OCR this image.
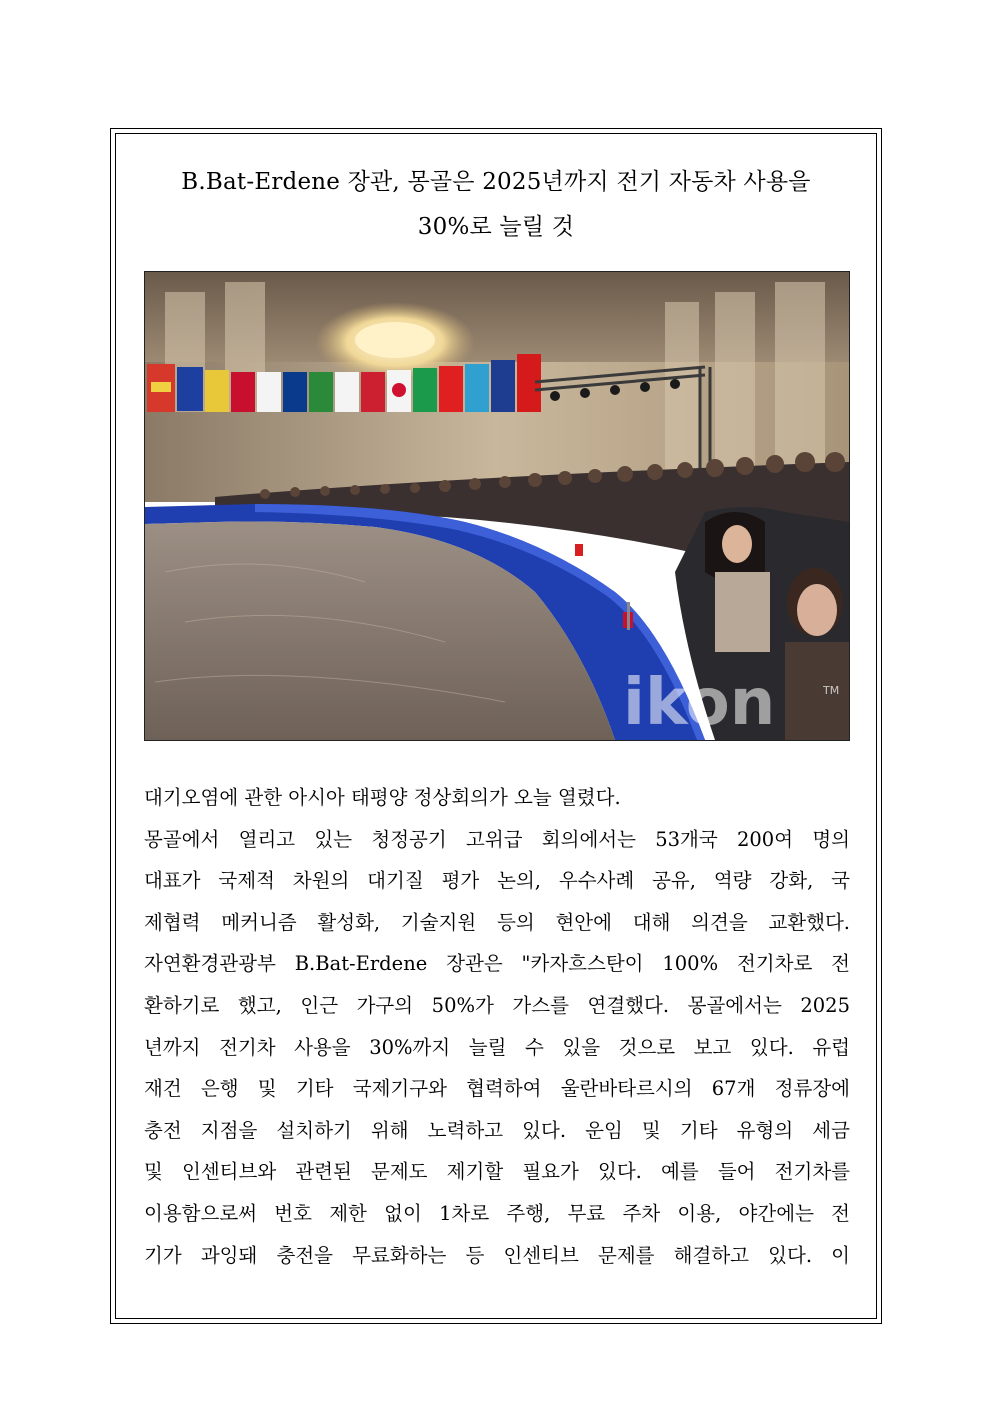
B.Bat-Erdene 장관, 몽골은 2025년까지 전기 자동차 사용을
30%로 늘릴 것
ikon	TM

대기오염에 관한 아시아 태평양 정상회의가 오늘 열렸다.

몽골에서 열리고 있는 청정공기 고위급 회의에서는 53개국 200여 명의

대표가 국제적 차원의 대기질 평가 논의, 우수사례 공유, 역량 강화, 국

제협력 메커니즘 활성화, 기술지원 등의 현안에 대해 의견을 교환했다.

자연환경관광부 B.Bat-Erdene 장관은 "카자흐스탄이 100% 전기차로 전

환하기로 했고, 인근 가구의 50%가 가스를 연결했다. 몽골에서는 2025

년까지 전기차 사용을 30%까지 늘릴 수 있을 것으로 보고 있다. 유럽

재건 은행 및 기타 국제기구와 협력하여 울란바타르시의 67개 정류장에

충전 지점을 설치하기 위해 노력하고 있다. 운임 및 기타 유형의 세금

및 인센티브와 관련된 문제도 제기할 필요가 있다. 예를 들어 전기차를

이용함으로써 번호 제한 없이 1차로 주행, 무료 주차 이용, 야간에는 전

기가 과잉돼 충전을 무료화하는 등 인센티브 문제를 해결하고 있다. 이
